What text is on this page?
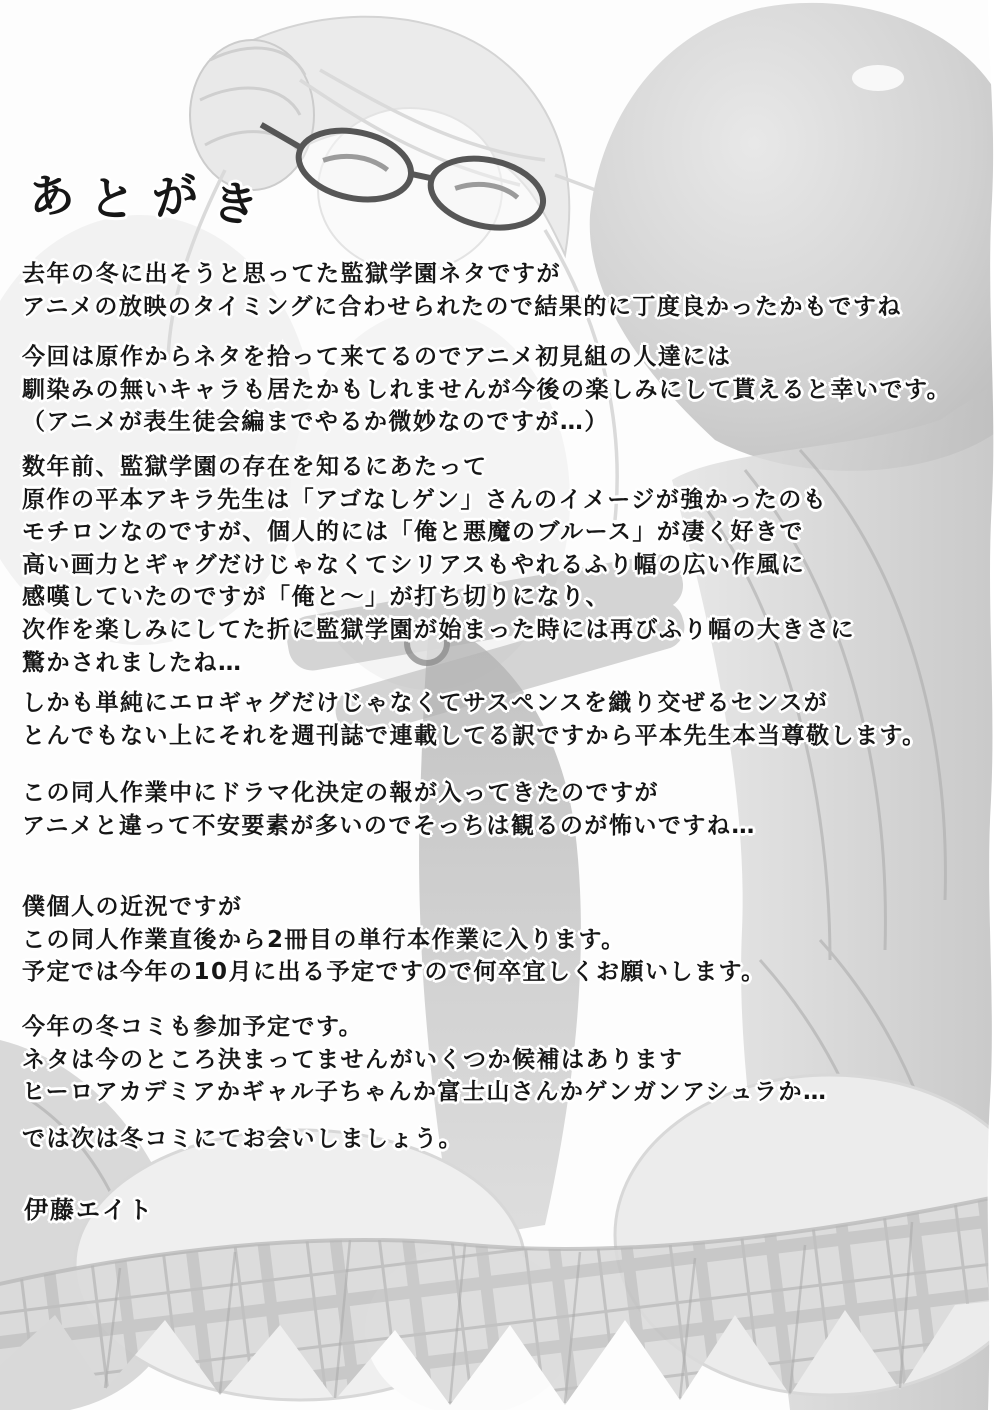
あ と が き
去年の冬に出そうと思ってた監獄学園ネタですが
アニメの放映のタイミングに合わせられたので結果的に丁度良かったかもですね
今回は原作からネタを拾って来てるのでアニメ初見組の人達には
馴染みの無いキャラも居たかもしれませんが今後の楽しみにして貰えると幸いです。
（アニメが表生徒会編までやるか微妙なのですが…）
数年前、監獄学園の存在を知るにあたって
原作の平本アキラ先生は「アゴなしゲン」さんのイメージが強かったのも
モチロンなのですが、個人的には「俺と悪魔のブルース」が凄く好きで
高い画力とギャグだけじゃなくてシリアスもやれるふり幅の広い作風に
感嘆していたのですが「俺と〜」が打ち切りになり、
次作を楽しみにしてた折に監獄学園が始まった時には再びふり幅の大きさに
驚かされましたね…
しかも単純にエロギャグだけじゃなくてサスペンスを織り交ぜるセンスが
とんでもない上にそれを週刊誌で連載してる訳ですから平本先生本当尊敬します。
この同人作業中にドラマ化決定の報が入ってきたのですが
アニメと違って不安要素が多いのでそっちは観るのが怖いですね…
僕個人の近況ですが
この同人作業直後から2冊目の単行本作業に入ります。
予定では今年の10月に出る予定ですので何卒宜しくお願いします。
今年の冬コミも参加予定です。
ネタは今のところ決まってませんがいくつか候補はあります
ヒーロアカデミアかギャル子ちゃんか富士山さんかゲンガンアシュラか…
では次は冬コミにてお会いしましょう。
伊藤エイト
